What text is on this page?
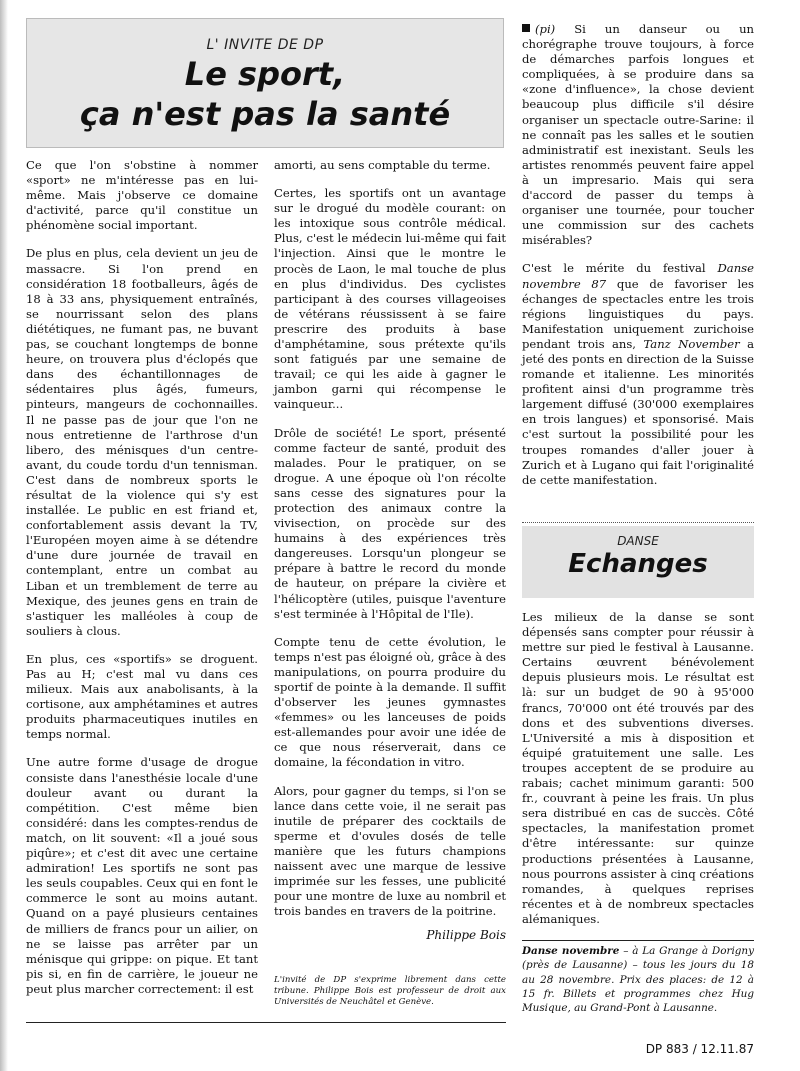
L' INVITE DE DP
Le sport,
ça n'est pas la santé

Ce que l'on s'obstine à nommer «sport» ne m'intéresse pas en lui-même. Mais j'observe ce domaine d'activité, parce qu'il constitue un phénomène social important.

De plus en plus, cela devient un jeu de massacre. Si l'on prend en considération 18 footballeurs, âgés de 18 à 33 ans, physiquement entraînés, se nourrissant selon des plans diététiques, ne fumant pas, ne buvant pas, se couchant longtemps de bonne heure, on trouvera plus d'éclopés que dans des échantillonnages de sédentaires plus âgés, fumeurs, pinteurs, mangeurs de cochonnailles. Il ne passe pas de jour que l'on ne nous entretienne de l'arthrose d'un libero, des ménisques d'un centre-avant, du coude tordu d'un tennisman. C'est dans de nombreux sports le résultat de la violence qui s'y est installée. Le public en est friand et, confortablement assis devant la TV, l'Européen moyen aime à se détendre d'une dure journée de travail en contemplant, entre un combat au Liban et un tremblement de terre au Mexique, des jeunes gens en train de s'astiquer les malléoles à coup de souliers à clous.

En plus, ces «sportifs» se droguent. Pas au H; c'est mal vu dans ces milieux. Mais aux anabolisants, à la cortisone, aux amphétamines et autres produits pharmaceutiques inutiles en temps normal.

Une autre forme d'usage de drogue consiste dans l'anesthésie locale d'une douleur avant ou durant la compétition. C'est même bien considéré: dans les comptes-rendus de match, on lit souvent: «Il a joué sous piqûre»; et c'est dit avec une certaine admiration! Les sportifs ne sont pas les seuls coupables. Ceux qui en font le commerce le sont au moins autant. Quand on a payé plusieurs centaines de milliers de francs pour un ailier, on ne se laisse pas arrêter par un ménisque qui grippe: on pique. Et tant pis si, en fin de carrière, le joueur ne peut plus marcher correctement: il est

amorti, au sens comptable du terme.

Certes, les sportifs ont un avantage sur le drogué du modèle courant: on les intoxique sous contrôle médical. Plus, c'est le médecin lui-même qui fait l'injection. Ainsi que le montre le procès de Laon, le mal touche de plus en plus d'individus. Des cyclistes participant à des courses villageoises de vétérans réussissent à se faire prescrire des produits à base d'amphétamine, sous prétexte qu'ils sont fatigués par une semaine de travail; ce qui les aide à gagner le jambon garni qui récompense le vainqueur...

Drôle de société! Le sport, présenté comme facteur de santé, produit des malades. Pour le pratiquer, on se drogue. A une époque où l'on récolte sans cesse des signatures pour la protection des animaux contre la vivisection, on procède sur des humains à des expériences très dangereuses. Lorsqu'un plongeur se prépare à battre le record du monde de hauteur, on prépare la civière et l'hélicoptère (utiles, puisque l'aventure s'est terminée à l'Hôpital de l'Ile).

Compte tenu de cette évolution, le temps n'est pas éloigné où, grâce à des manipulations, on pourra produire du sportif de pointe à la demande. Il suffit d'observer les jeunes gymnastes «femmes» ou les lanceuses de poids est-allemandes pour avoir une idée de ce que nous réserverait, dans ce domaine, la fécondation in vitro.

Alors, pour gagner du temps, si l'on se lance dans cette voie, il ne serait pas inutile de préparer des cocktails de sperme et d'ovules dosés de telle manière que les futurs champions naissent avec une marque de lessive imprimée sur les fesses, une publicité pour une montre de luxe au nombril et trois bandes en travers de la poitrine.

Philippe Bois
L'invité de DP s'exprime librement dans cette tribune. Philippe Bois est professeur de droit aux Universités de Neuchâtel et Genève.

(pi) Si un danseur ou un chorégraphe trouve toujours, à force de démarches parfois longues et compliquées, à se produire dans sa «zone d'influence», la chose devient beaucoup plus difficile s'il désire organiser un spectacle outre-Sarine: il ne connaît pas les salles et le soutien administratif est inexistant. Seuls les artistes renommés peuvent faire appel à un impresario. Mais qui sera d'accord de passer du temps à organiser une tournée, pour toucher une commission sur des cachets misérables?

C'est le mérite du festival Danse novembre 87 que de favoriser les échanges de spectacles entre les trois régions linguistiques du pays. Manifestation uniquement zurichoise pendant trois ans, Tanz November a jeté des ponts en direction de la Suisse romande et italienne. Les minorités profitent ainsi d'un programme très largement diffusé (30'000 exemplaires en trois langues) et sponsorisé. Mais c'est surtout la possibilité pour les troupes romandes d'aller jouer à Zurich et à Lugano qui fait l'originalité de cette manifestation.

DANSE
Echanges

Les milieux de la danse se sont dépensés sans compter pour réussir à mettre sur pied le festival à Lausanne. Certains œuvrent bénévolement depuis plusieurs mois. Le résultat est là: sur un budget de 90 à 95'000 francs, 70'000 ont été trouvés par des dons et des subventions diverses. L'Université a mis à disposition et équipé gratuitement une salle. Les troupes acceptent de se produire au rabais; cachet minimum garanti: 500 fr., couvrant à peine les frais. Un plus sera distribué en cas de succès. Côté spectacles, la manifestation promet d'être intéressante: sur quinze productions présentées à Lausanne, nous pourrons assister à cinq créations romandes, à quelques reprises récentes et à de nombreux spectacles alémaniques.

Danse novembre – à La Grange à Dorigny (près de Lausanne) – tous les jours du 18 au 28 novembre. Prix des places: de 12 à 15 fr. Billets et programmes chez Hug Musique, au Grand-Pont à Lausanne.
DP 883 / 12.11.87
